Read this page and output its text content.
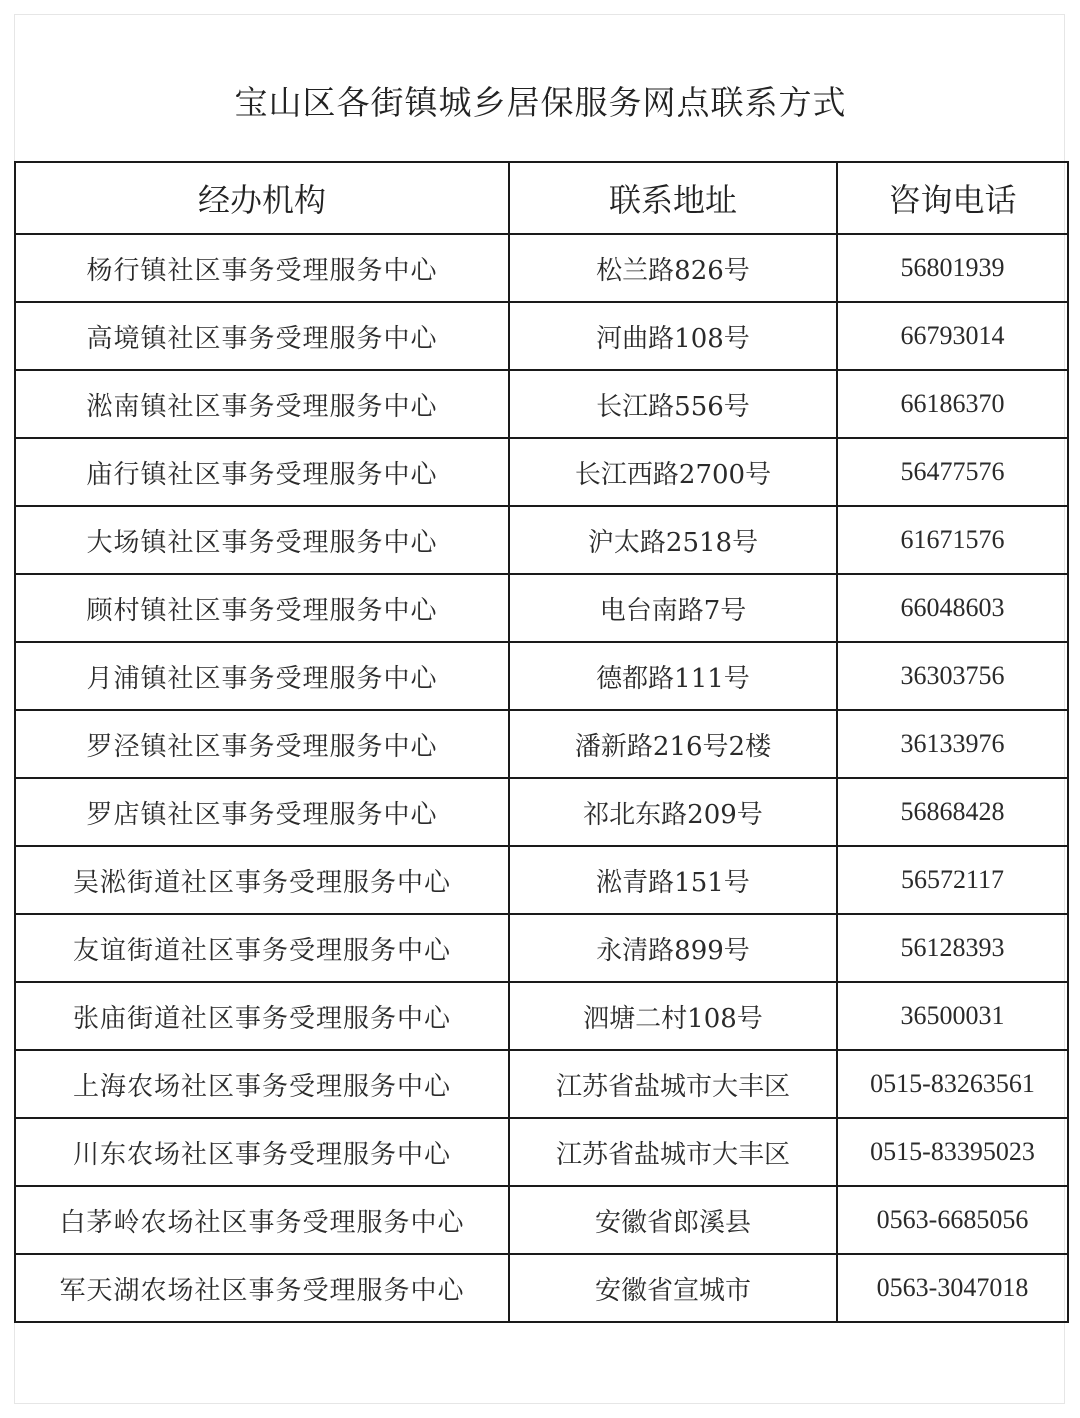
宝山区各街镇城乡居保服务网点联系方式
经办机构	联系地址	咨询电话
杨行镇社区事务受理服务中心	松兰路826号	56801939
高境镇社区事务受理服务中心	河曲路108号	66793014
淞南镇社区事务受理服务中心	长江路556号	66186370
庙行镇社区事务受理服务中心	长江西路2700号	56477576
大场镇社区事务受理服务中心	沪太路2518号	61671576
顾村镇社区事务受理服务中心	电台南路7号	66048603
月浦镇社区事务受理服务中心	德都路111号	36303756
罗泾镇社区事务受理服务中心	潘新路216号2楼	36133976
罗店镇社区事务受理服务中心	祁北东路209号	56868428
吴淞街道社区事务受理服务中心	淞青路151号	56572117
友谊街道社区事务受理服务中心	永清路899号	56128393
张庙街道社区事务受理服务中心	泗塘二村108号	36500031
上海农场社区事务受理服务中心	江苏省盐城市大丰区	0515-83263561
川东农场社区事务受理服务中心	江苏省盐城市大丰区	0515-83395023
白茅岭农场社区事务受理服务中心	安徽省郎溪县	0563-6685056
军天湖农场社区事务受理服务中心	安徽省宣城市	0563-3047018
